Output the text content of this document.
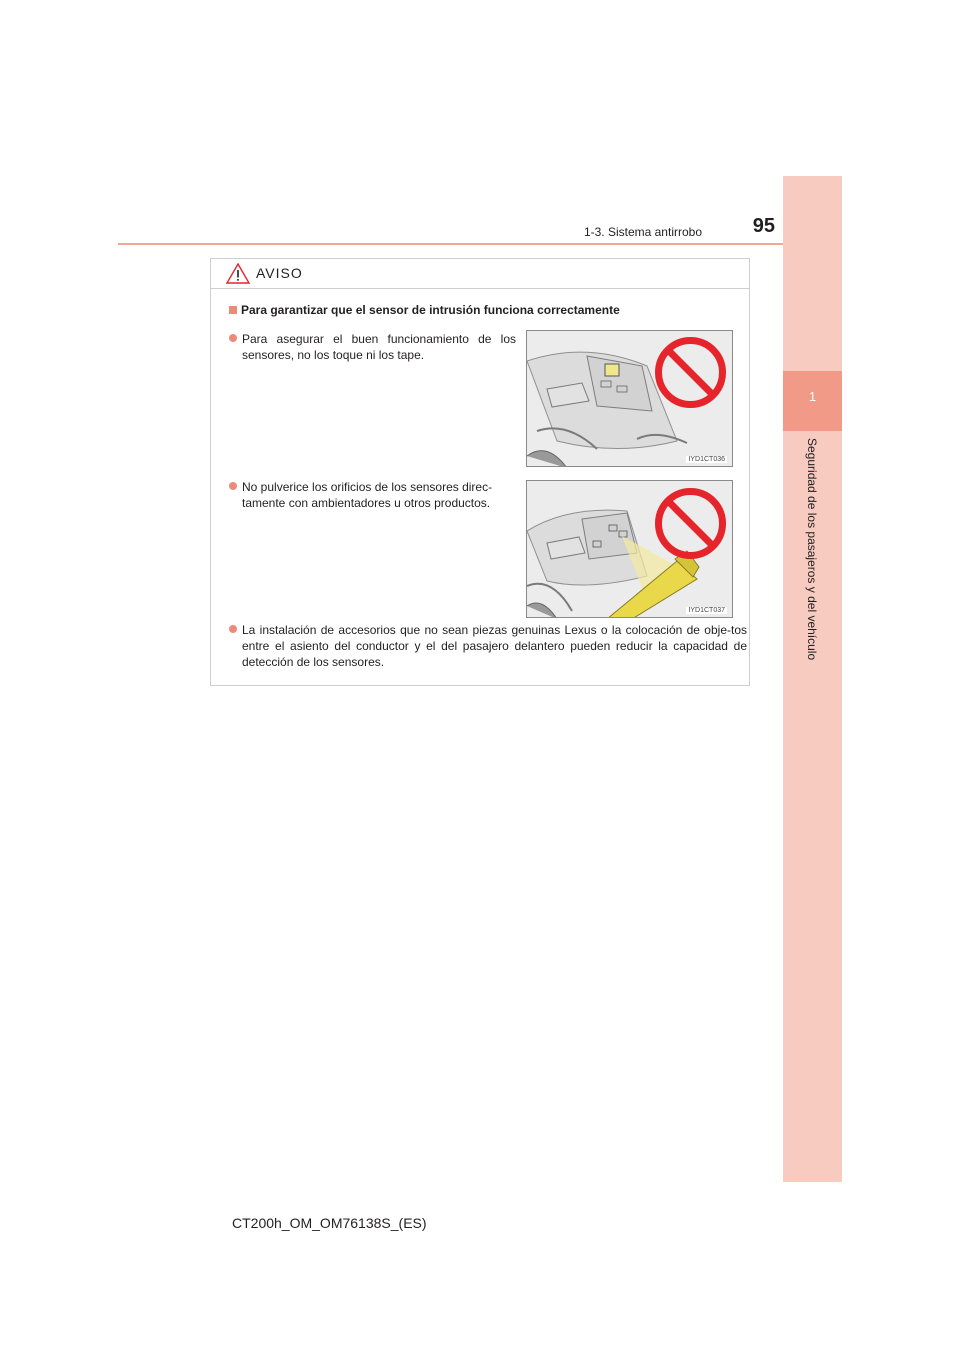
1-3. Sistema antirrobo	95
1
Seguridad de los pasajeros y del vehículo
AVISO
Para garantizar que el sensor de intrusión funciona correctamente
Para asegurar el buen funcionamiento de los sensores, no los toque ni los tape.
IYD1CT036
No pulverice los orificios de los sensores direc-tamente con ambientadores u otros productos.
IYD1CT037
La instalación de accesorios que no sean piezas genuinas Lexus o la colocación de obje-tos entre el asiento del conductor y el del pasajero delantero pueden reducir la capacidad de detección de los sensores.
CT200h_OM_OM76138S_(ES)
